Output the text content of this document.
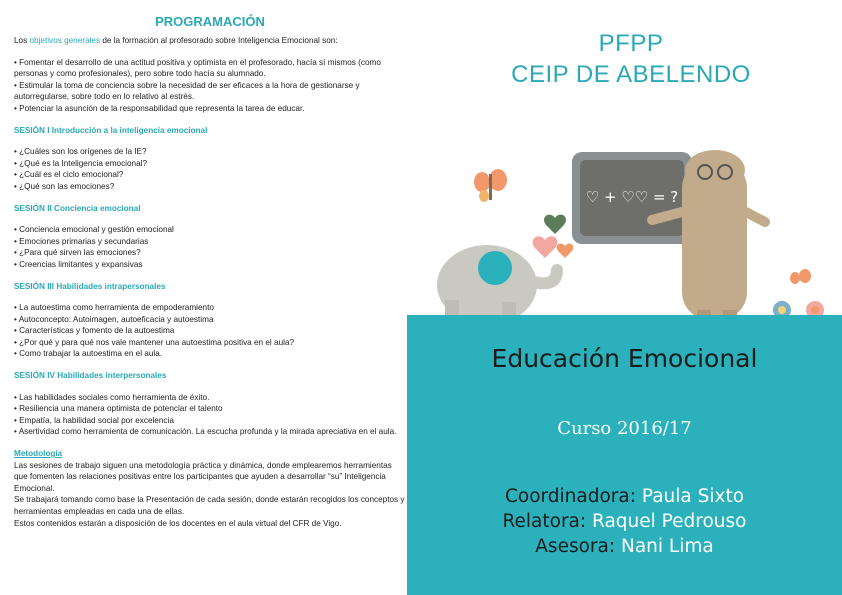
PROGRAMACIÓN

Los objetivos generales de la formación al profesorado sobre Inteligencia Emocional son:

• Fomentar el desarrollo de una actitud positiva y optimista en el profesorado, hacía sí mismos (como personas y como profesionales), pero sobre todo hacía su alumnado.

• Estimular la toma de conciencia sobre la necesidad de ser eficaces a la hora de gestionarse y autorregularse, sobre todo en lo relativo al estrés.

• Potenciar la asunción de la responsabilidad que representa la tarea de educar.

SESIÓN I Introducción a la inteligencia emocional

• ¿Cuáles son los orígenes de la IE?

• ¿Qué es la Inteligencia emocional?

• ¿Cuál es el ciclo emocional?

• ¿Qué son las emociones?

SESIÓN II Conciencia emocional

• Conciencia emocional y gestión emocional

• Emociones primarias y secundarias

• ¿Para qué sirven las emociones?

• Creencias limitantes y expansivas

SESIÓN III Habilidades intrapersonales

• La autoestima como herramienta de empoderamiento

• Autoconcepto: Autoimagen, autoeficacia y autoestima

• Características y fomento de la autoestima

• ¿Por qué y para qué nos vale mantener una autoestima positiva en el aula?

• Como trabajar la autoestima en el aula.

SESIÓN IV Habilidades interpersonales

• Las habilidades sociales como herramienta de éxito.

• Resiliencia una manera optimista de potenciar el talento

• Empatía, la habilidad social por excelencia

• Asertividad como herramienta de comunicación. La escucha profunda y la mirada apreciativa en el aula.

Metodología

Las sesiones de trabajo siguen una metodología práctica y dinámica, donde emplearemos herramientas que fomenten las relaciones positivas entre los participantes que ayuden a desarrollar “su” Inteligencia Emocional.

Se trabajará tomando como base la Presentación de cada sesión, donde estarán recogidos los conceptos y herramientas empleadas en cada una de ellas.

Estos contenidos estarán a disposición de los docentes en el aula virtual del CFR de Vigo.

PFPP
CEIP DE ABELENDO
♡ + ♡♡ = ?
Educación Emocional
Curso 2016/17
Coordinadora: Paula Sixto
Relatora: Raquel Pedrouso
Asesora: Nani Lima
